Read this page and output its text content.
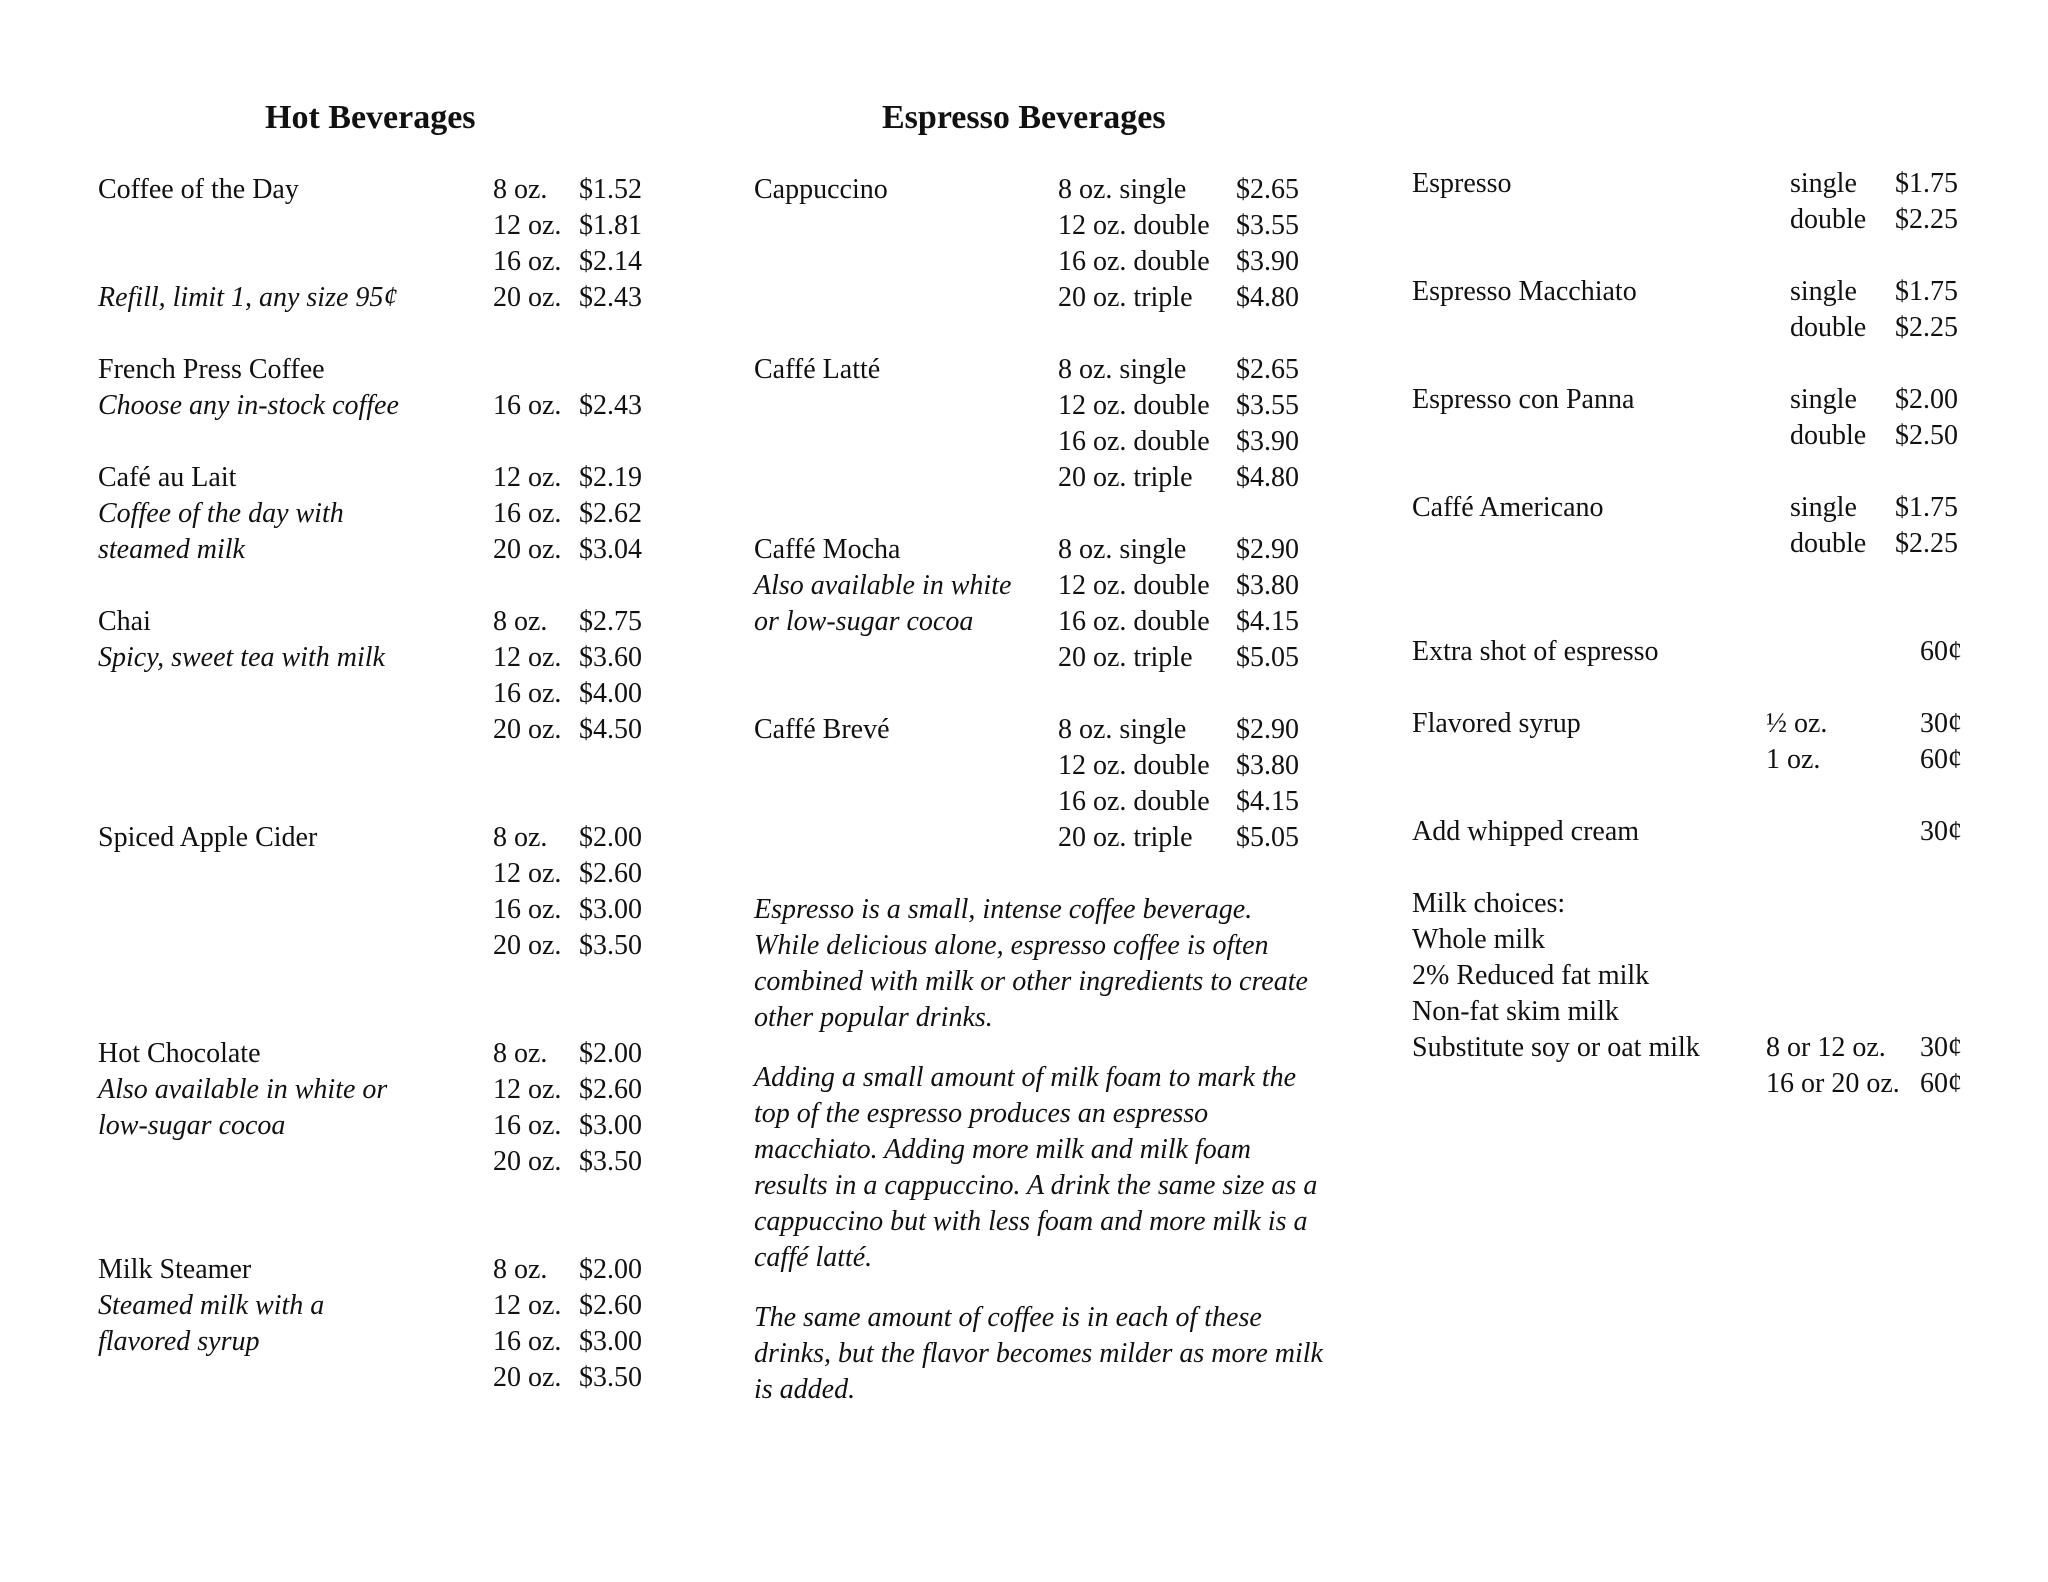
Hot Beverages	Espresso Beverages
Coffee of the Day
Refill, limit 1, any size 95¢
8 oz.	$1.52
12 oz. $1.81
16 oz. $2.14
20 oz. $2.43
French Press Coffee
Choose any in-stock coffee	16 oz. $2.43
Café au Lait
Coffee of the day with
steamed milk
12 oz. $2.19
16 oz. $2.62
20 oz. $3.04
Chai
Spicy, sweet tea with milk
8 oz.	$2.75
12 oz. $3.60
16 oz. $4.00
20 oz. $4.50
Spiced Apple Cider	8 oz.	$2.00
12 oz. $2.60
16 oz. $3.00
20 oz. $3.50
Hot Chocolate
Also available in white or
low-sugar cocoa
8 oz.	$2.00
12 oz. $2.60
16 oz. $3.00
20 oz. $3.50
Milk Steamer
Steamed milk with a
flavored syrup
8 oz.	$2.00
12 oz. $2.60
16 oz. $3.00
20 oz. $3.50
Cappuccino	8 oz. single	$2.65
12 oz. double $3.55
16 oz. double $3.90
20 oz. triple	$4.80
Caffé Latté	8 oz. single	$2.65
12 oz. double $3.55
16 oz. double $3.90
20 oz. triple	$4.80
Caffé Mocha
Also available in white
or low-sugar cocoa
8 oz. single	$2.90
12 oz. double $3.80
16 oz. double $4.15
20 oz. triple	$5.05
Caffé Brevé	8 oz. single	$2.90
12 oz. double $3.80
16 oz. double $4.15
20 oz. triple	$5.05

Espresso is a small, intense coffee beverage. While delicious alone, espresso coffee is often combined with milk or other ingredients to create other popular drinks.

Adding a small amount of milk foam to mark the top of the espresso produces an espresso macchiato. Adding more milk and milk foam results in a cappuccino. A drink the same size as a cappuccino but with less foam and more milk is a caffé latté.

The same amount of coffee is in each of these drinks, but the flavor becomes milder as more milk is added.

Espresso	single	$1.75
double	$2.25
Espresso Macchiato	single	$1.75
double	$2.25
Espresso con Panna	single	$2.00
double	$2.50
Caffé Americano	single	$1.75
double	$2.25
Extra shot of espresso	60¢
Flavored syrup	½ oz.	30¢
1 oz.	60¢
Add whipped cream	30¢
Milk choices:
Whole milk
2% Reduced fat milk
Non-fat skim milk
Substitute soy or oat milk	8 or 12 oz.	30¢
16 or 20 oz. 60¢
